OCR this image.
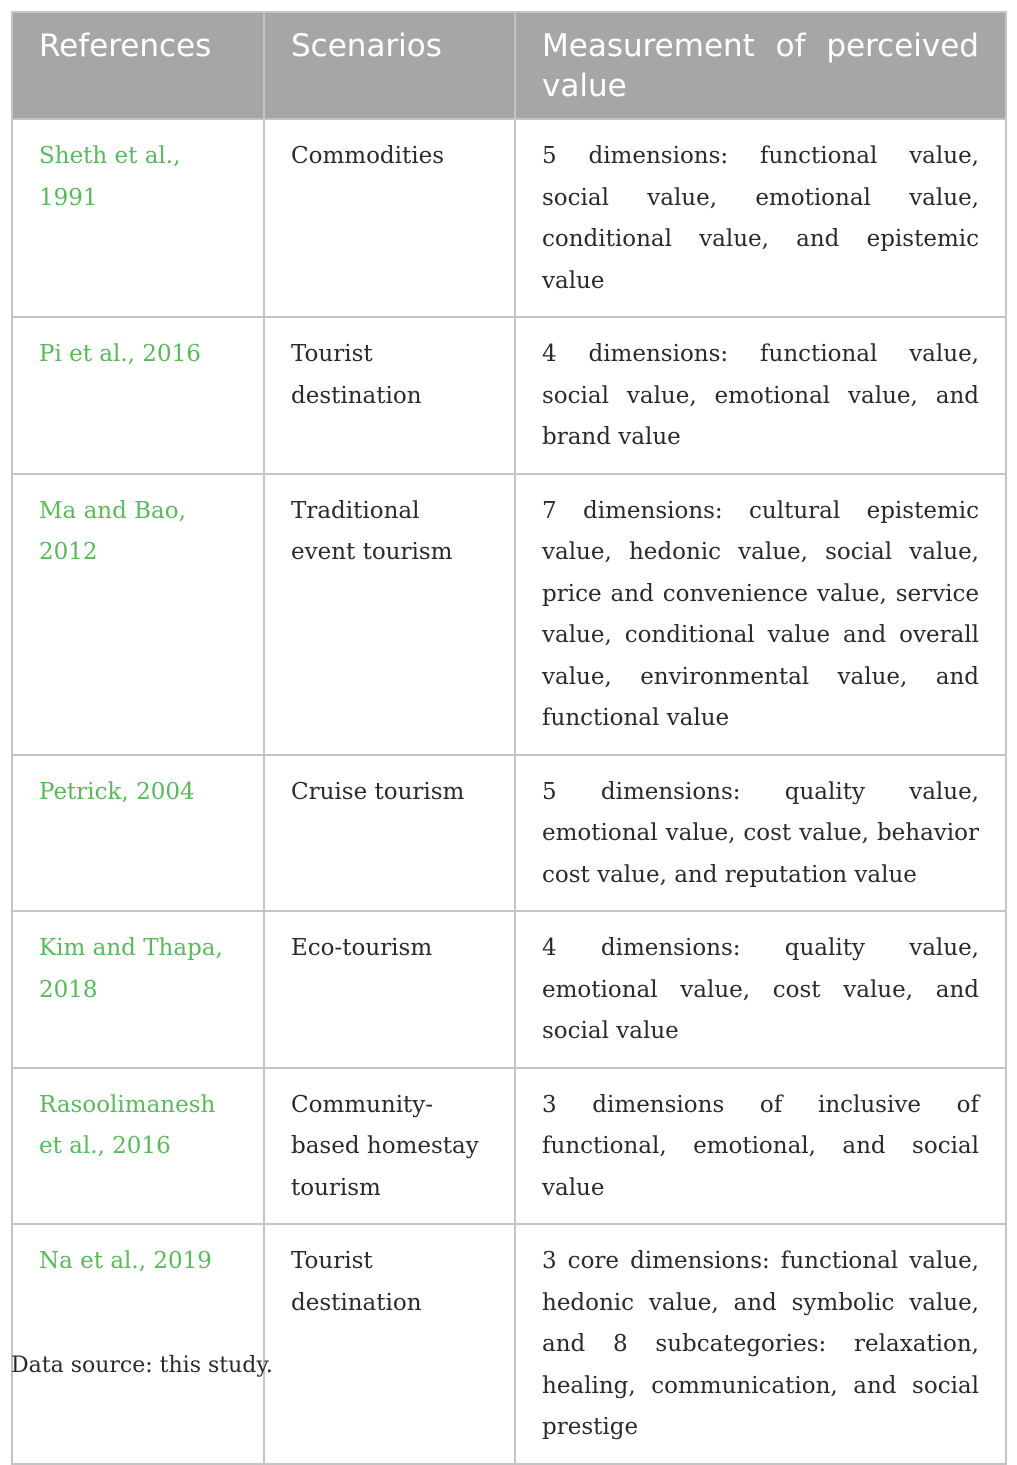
References	Scenarios	Measurement of perceived value
Sheth et al., 1991	Commodities	5 dimensions: functional value, social value, emotional value, conditional value, and epistemic value
Pi et al., 2016	Tourist destination	4 dimensions: functional value, social value, emotional value, and brand value
Ma and Bao, 2012	Traditional event tourism	7 dimensions: cultural epistemic value, hedonic value, social value, price and convenience value, service value, conditional value and overall value, environmental value, and functional value
Petrick, 2004	Cruise tourism	5 dimensions: quality value, emotional value, cost value, behavior cost value, and reputation value
Kim and Thapa, 2018	Eco-tourism	4 dimensions: quality value, emotional value, cost value, and social value
Rasoolimanesh et al., 2016	Community-based homestay tourism	3 dimensions of inclusive of functional, emotional, and social value
Na et al., 2019	Tourist destination	3 core dimensions: functional value, hedonic value, and symbolic value, and 8 subcategories: relaxation, healing, communication, and social prestige
Data source: this study.
